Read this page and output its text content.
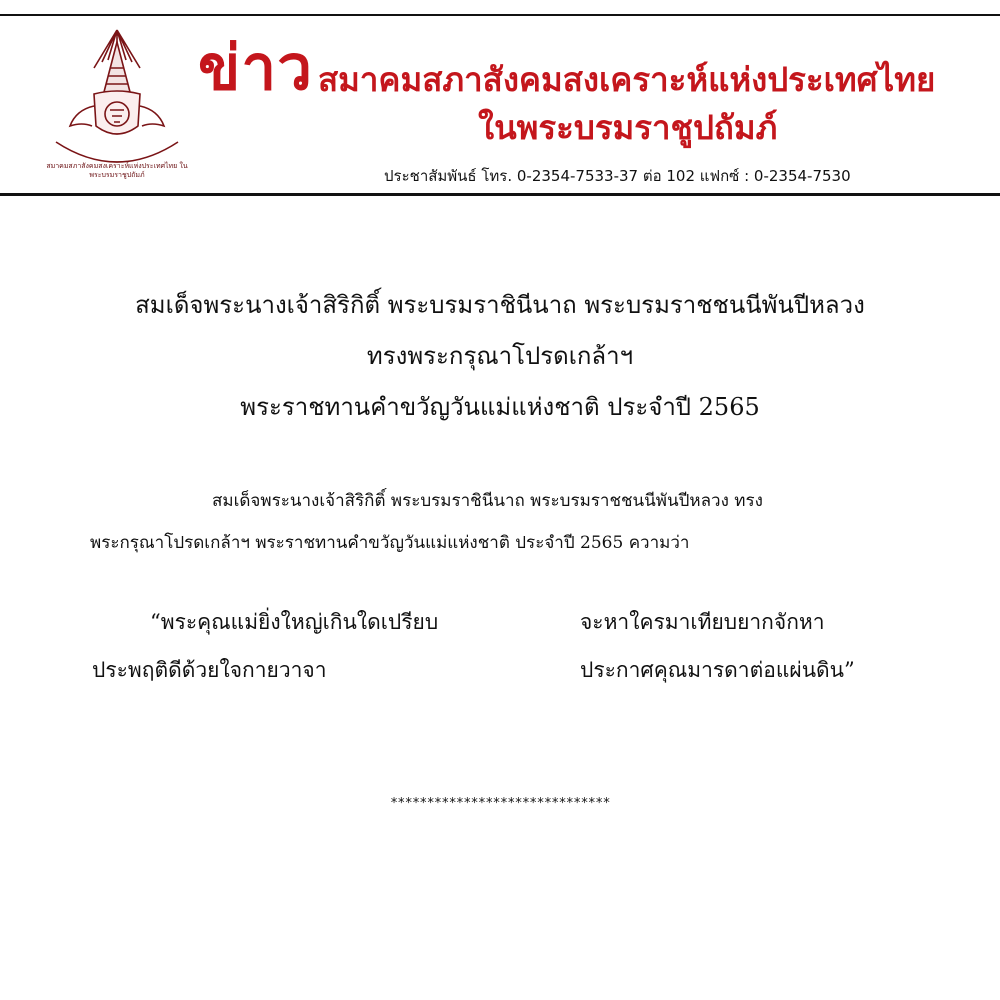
สมาคมสภาสังคมสงเคราะห์แห่งประเทศไทย ในพระบรมราชูปถัมภ์
ข่าว สมาคมสภาสังคมสงเคราะห์แห่งประเทศไทย
ในพระบรมราชูปถัมภ์
ประชาสัมพันธ์ โทร. 0-2354-7533-37 ต่อ 102 แฟกซ์ : 0-2354-7530
สมเด็จพระนางเจ้าสิริกิติ์ พระบรมราชินีนาถ พระบรมราชชนนีพันปีหลวง
ทรงพระกรุณาโปรดเกล้าฯ
พระราชทานคำขวัญวันแม่แห่งชาติ ประจำปี 2565
สมเด็จพระนางเจ้าสิริกิติ์ พระบรมราชินีนาถ พระบรมราชชนนีพันปีหลวง ทรง
พระกรุณาโปรดเกล้าฯ พระราชทานคำขวัญวันแม่แห่งชาติ ประจำปี 2565 ความว่า
“พระคุณแม่ยิ่งใหญ่เกินใดเปรียบ	จะหาใครมาเทียบยากจักหา
ประพฤติดีด้วยใจกายวาจา	ประกาศคุณมารดาต่อแผ่นดิน”
******************************
